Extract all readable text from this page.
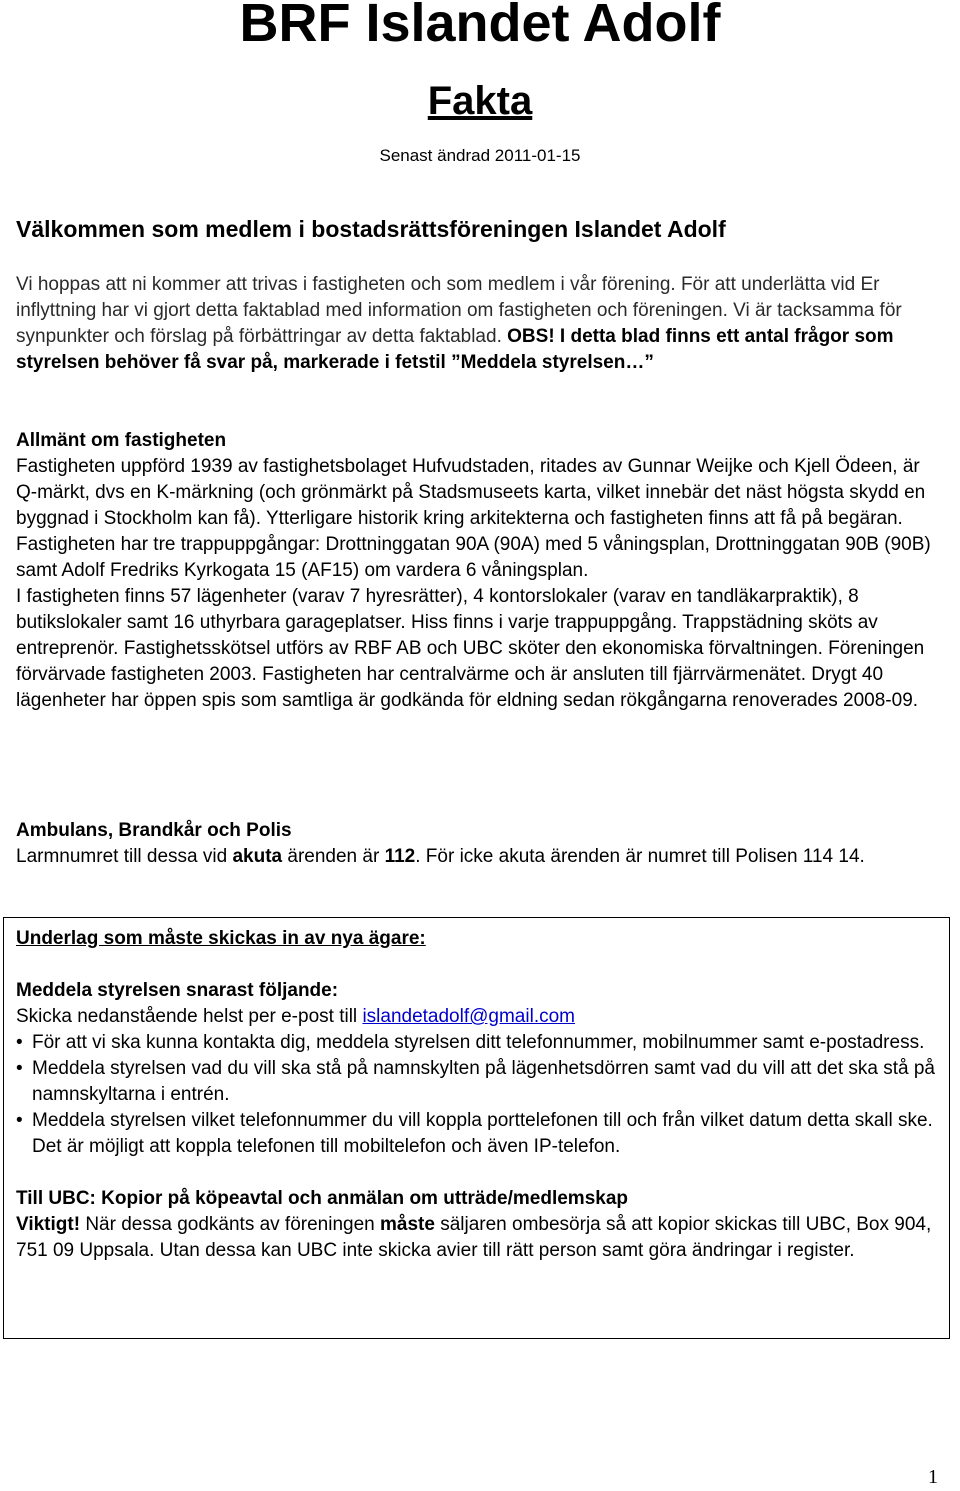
BRF Islandet Adolf
Fakta
Senast ändrad 2011-01-15
Välkommen som medlem i bostadsrättsföreningen Islandet Adolf
Vi hoppas att ni kommer att trivas i fastigheten och som medlem i vår förening. För att underlätta vid Er inflyttning har vi gjort detta faktablad med information om fastigheten och föreningen. Vi är tacksamma för synpunkter och förslag på förbättringar av detta faktablad. OBS! I detta blad finns ett antal frågor som styrelsen behöver få svar på, markerade i fetstil ”Meddela styrelsen…”

Allmänt om fastigheten

Fastigheten uppförd 1939 av fastighetsbolaget Hufvudstaden, ritades av Gunnar Weijke och Kjell Ödeen, är Q-märkt, dvs en K-märkning (och grönmärkt på Stadsmuseets karta, vilket innebär det näst högsta skydd en byggnad i Stockholm kan få). Ytterligare historik kring arkitekterna och fastigheten finns att få på begäran.

Fastigheten har tre trappuppgångar: Drottninggatan 90A (90A) med 5 våningsplan, Drottninggatan 90B (90B) samt Adolf Fredriks Kyrkogata 15 (AF15) om vardera 6 våningsplan.

I fastigheten finns 57 lägenheter (varav 7 hyresrätter), 4 kontorslokaler (varav en tandläkarpraktik), 8 butikslokaler samt 16 uthyrbara garageplatser. Hiss finns i varje trappuppgång. Trappstädning sköts av entreprenör. Fastighetsskötsel utförs av RBF AB och UBC sköter den ekonomiska förvaltningen. Föreningen förvärvade fastigheten 2003. Fastigheten har centralvärme och är ansluten till fjärrvärmenätet. Drygt 40 lägenheter har öppen spis som samtliga är godkända för eldning sedan rökgångarna renoverades 2008-09.

Ambulans, Brandkår och Polis

Larmnumret till dessa vid akuta ärenden är 112. För icke akuta ärenden är numret till Polisen 114 14.

Underlag som måste skickas in av nya ägare:

Meddela styrelsen snarast följande:

Skicka nedanstående helst per e-post till islandetadolf@gmail.com

• För att vi ska kunna kontakta dig, meddela styrelsen ditt telefonnummer, mobilnummer samt e-postadress.

• Meddela styrelsen vad du vill ska stå på namnskylten på lägenhetsdörren samt vad du vill att det ska stå på namnskyltarna i entrén.

• Meddela styrelsen vilket telefonnummer du vill koppla porttelefonen till och från vilket datum detta skall ske. Det är möjligt att koppla telefonen till mobiltelefon och även IP-telefon.

Till UBC: Kopior på köpeavtal och anmälan om utträde/medlemskap

Viktigt! När dessa godkänts av föreningen måste säljaren ombesörja så att kopior skickas till UBC, Box 904, 751 09 Uppsala. Utan dessa kan UBC inte skicka avier till rätt person samt göra ändringar i register.

1
